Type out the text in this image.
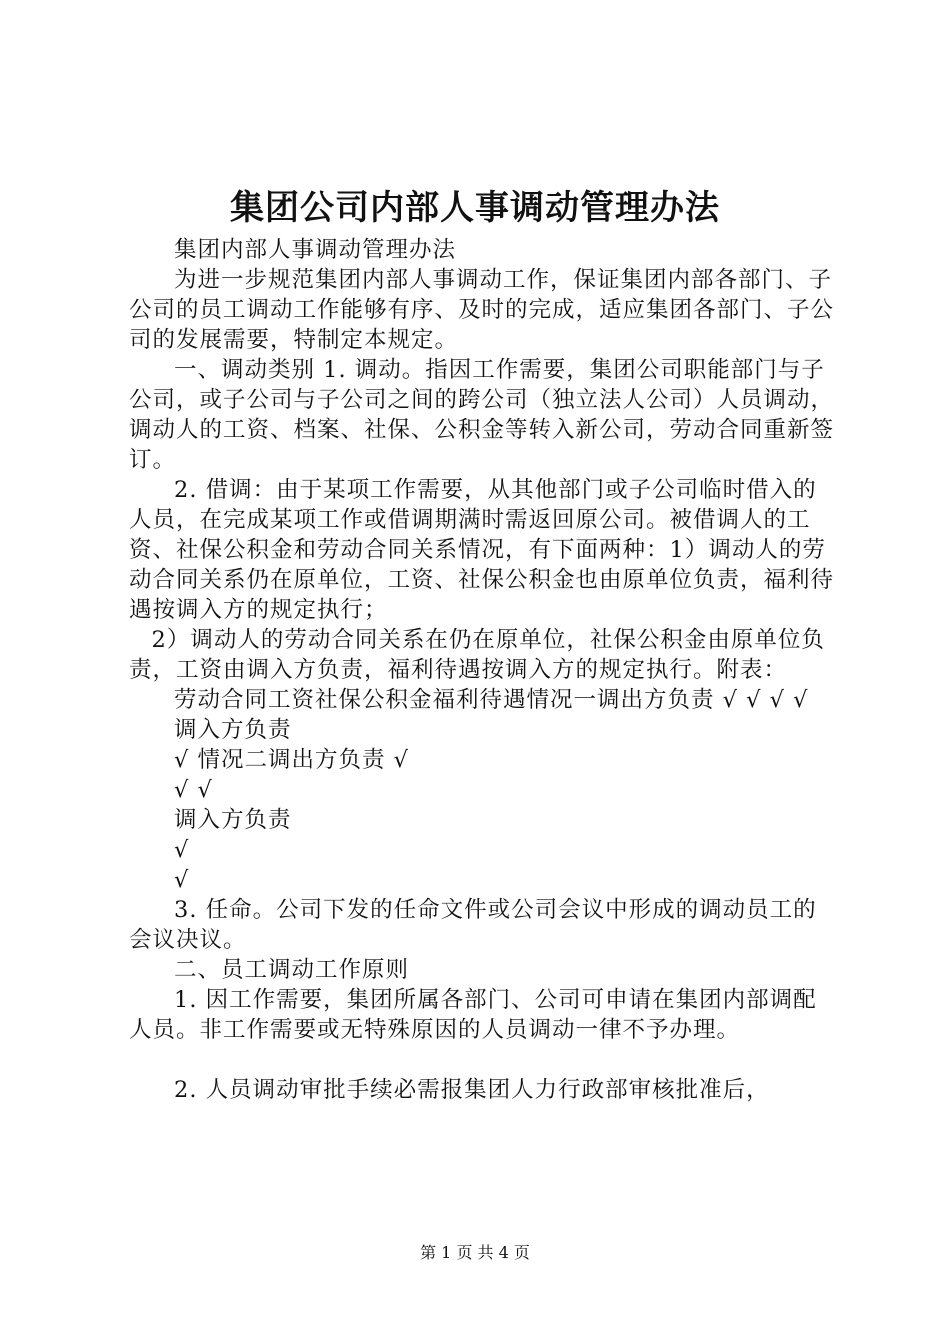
集团公司内部人事调动管理办法

集团内部人事调动管理办法

为进一步规范集团内部人事调动工作，保证集团内部各部门、子公司的员工调动工作能够有序、及时的完成，适应集团各部门、子公司的发展需要，特制定本规定。

一、调动类别 1. 调动。指因工作需要，集团公司职能部门与子公司，或子公司与子公司之间的跨公司（独立法人公司）人员调动，调动人的工资、档案、社保、公积金等转入新公司，劳动合同重新签订。

2. 借调：由于某项工作需要，从其他部门或子公司临时借入的人员，在完成某项工作或借调期满时需返回原公司。被借调人的工资、社保公积金和劳动合同关系情况，有下面两种：1）调动人的劳动合同关系仍在原单位，工资、社保公积金也由原单位负责，福利待遇按调入方的规定执行；

2）调动人的劳动合同关系在仍在原单位，社保公积金由原单位负责，工资由调入方负责，福利待遇按调入方的规定执行。附表：

劳动合同工资社保公积金福利待遇情况一调出方负责 √ √ √ √

调入方负责

√ 情况二调出方负责 √

√ √

调入方负责

√

√

3. 任命。公司下发的任命文件或公司会议中形成的调动员工的会议决议。

二、员工调动工作原则

1. 因工作需要，集团所属各部门、公司可申请在集团内部调配人员。非工作需要或无特殊原因的人员调动一律不予办理。

2. 人员调动审批手续必需报集团人力行政部审核批准后，

第 1 页 共 4 页
